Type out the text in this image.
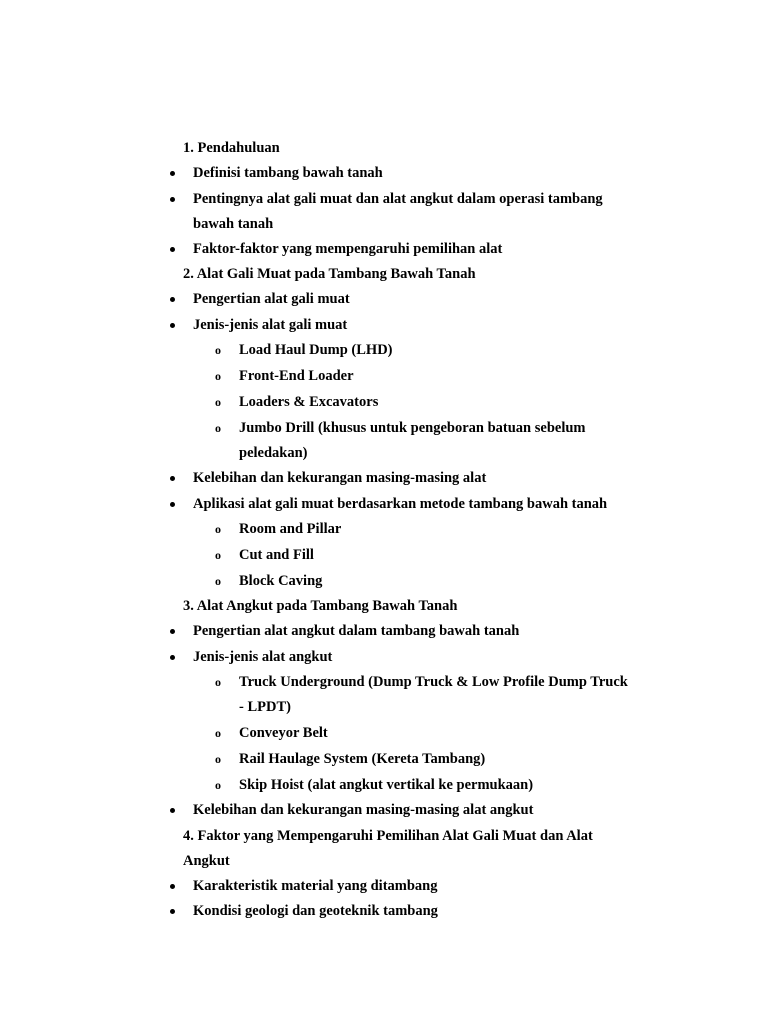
1. Pendahuluan
Definisi tambang bawah tanah
Pentingnya alat gali muat dan alat angkut dalam operasi tambang
bawah tanah
Faktor-faktor yang mempengaruhi pemilihan alat
2. Alat Gali Muat pada Tambang Bawah Tanah
Pengertian alat gali muat
Jenis-jenis alat gali muat
o Load Haul Dump (LHD)
o Front-End Loader
o Loaders & Excavators
o Jumbo Drill (khusus untuk pengeboran batuan sebelum
peledakan)
Kelebihan dan kekurangan masing-masing alat
Aplikasi alat gali muat berdasarkan metode tambang bawah tanah
o Room and Pillar
o Cut and Fill
o Block Caving
3. Alat Angkut pada Tambang Bawah Tanah
Pengertian alat angkut dalam tambang bawah tanah
Jenis-jenis alat angkut
o Truck Underground (Dump Truck & Low Profile Dump Truck
- LPDT)
o Conveyor Belt
o Rail Haulage System (Kereta Tambang)
o Skip Hoist (alat angkut vertikal ke permukaan)
Kelebihan dan kekurangan masing-masing alat angkut
4. Faktor yang Mempengaruhi Pemilihan Alat Gali Muat dan Alat
Angkut
Karakteristik material yang ditambang
Kondisi geologi dan geoteknik tambang
